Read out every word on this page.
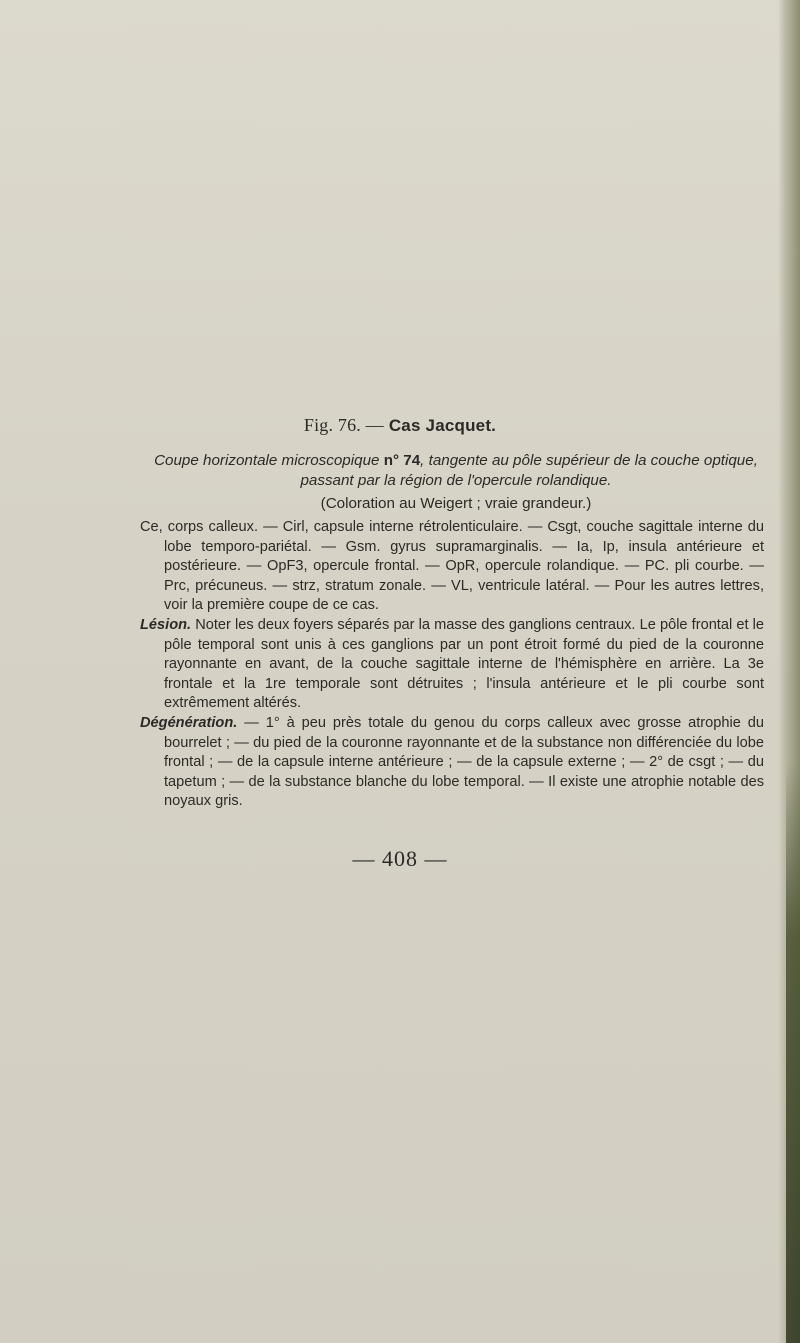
Fig. 76. — Cas Jacquet.
Coupe horizontale microscopique n° 74, tangente au pôle supérieur de la couche optique, passant par la région de l'opercule rolandique.
(Coloration au Weigert ; vraie grandeur.)

Ce, corps calleux. — Cirl, capsule interne rétrolenticulaire. — Csgt, couche sagittale interne du lobe temporo-pariétal. — Gsm. gyrus supramarginalis. — Ia, Ip, insula antérieure et postérieure. — OpF3, opercule frontal. — OpR, opercule rolandique. — PC. pli courbe. — Prc, précuneus. — strz, stratum zonale. — VL, ventricule latéral. — Pour les autres lettres, voir la première coupe de ce cas.

Lésion. Noter les deux foyers séparés par la masse des ganglions centraux. Le pôle frontal et le pôle temporal sont unis à ces ganglions par un pont étroit formé du pied de la couronne rayonnante en avant, de la couche sagittale interne de l'hémisphère en arrière. La 3e frontale et la 1re temporale sont détruites ; l'insula antérieure et le pli courbe sont extrêmement altérés.

Dégénération. — 1° à peu près totale du genou du corps calleux avec grosse atrophie du bourrelet ; — du pied de la couronne rayonnante et de la substance non différenciée du lobe frontal ; — de la capsule interne antérieure ; — de la capsule externe ; — 2° de csgt ; — du tapetum ; — de la substance blanche du lobe temporal. — Il existe une atrophie notable des noyaux gris.

— 408 —
